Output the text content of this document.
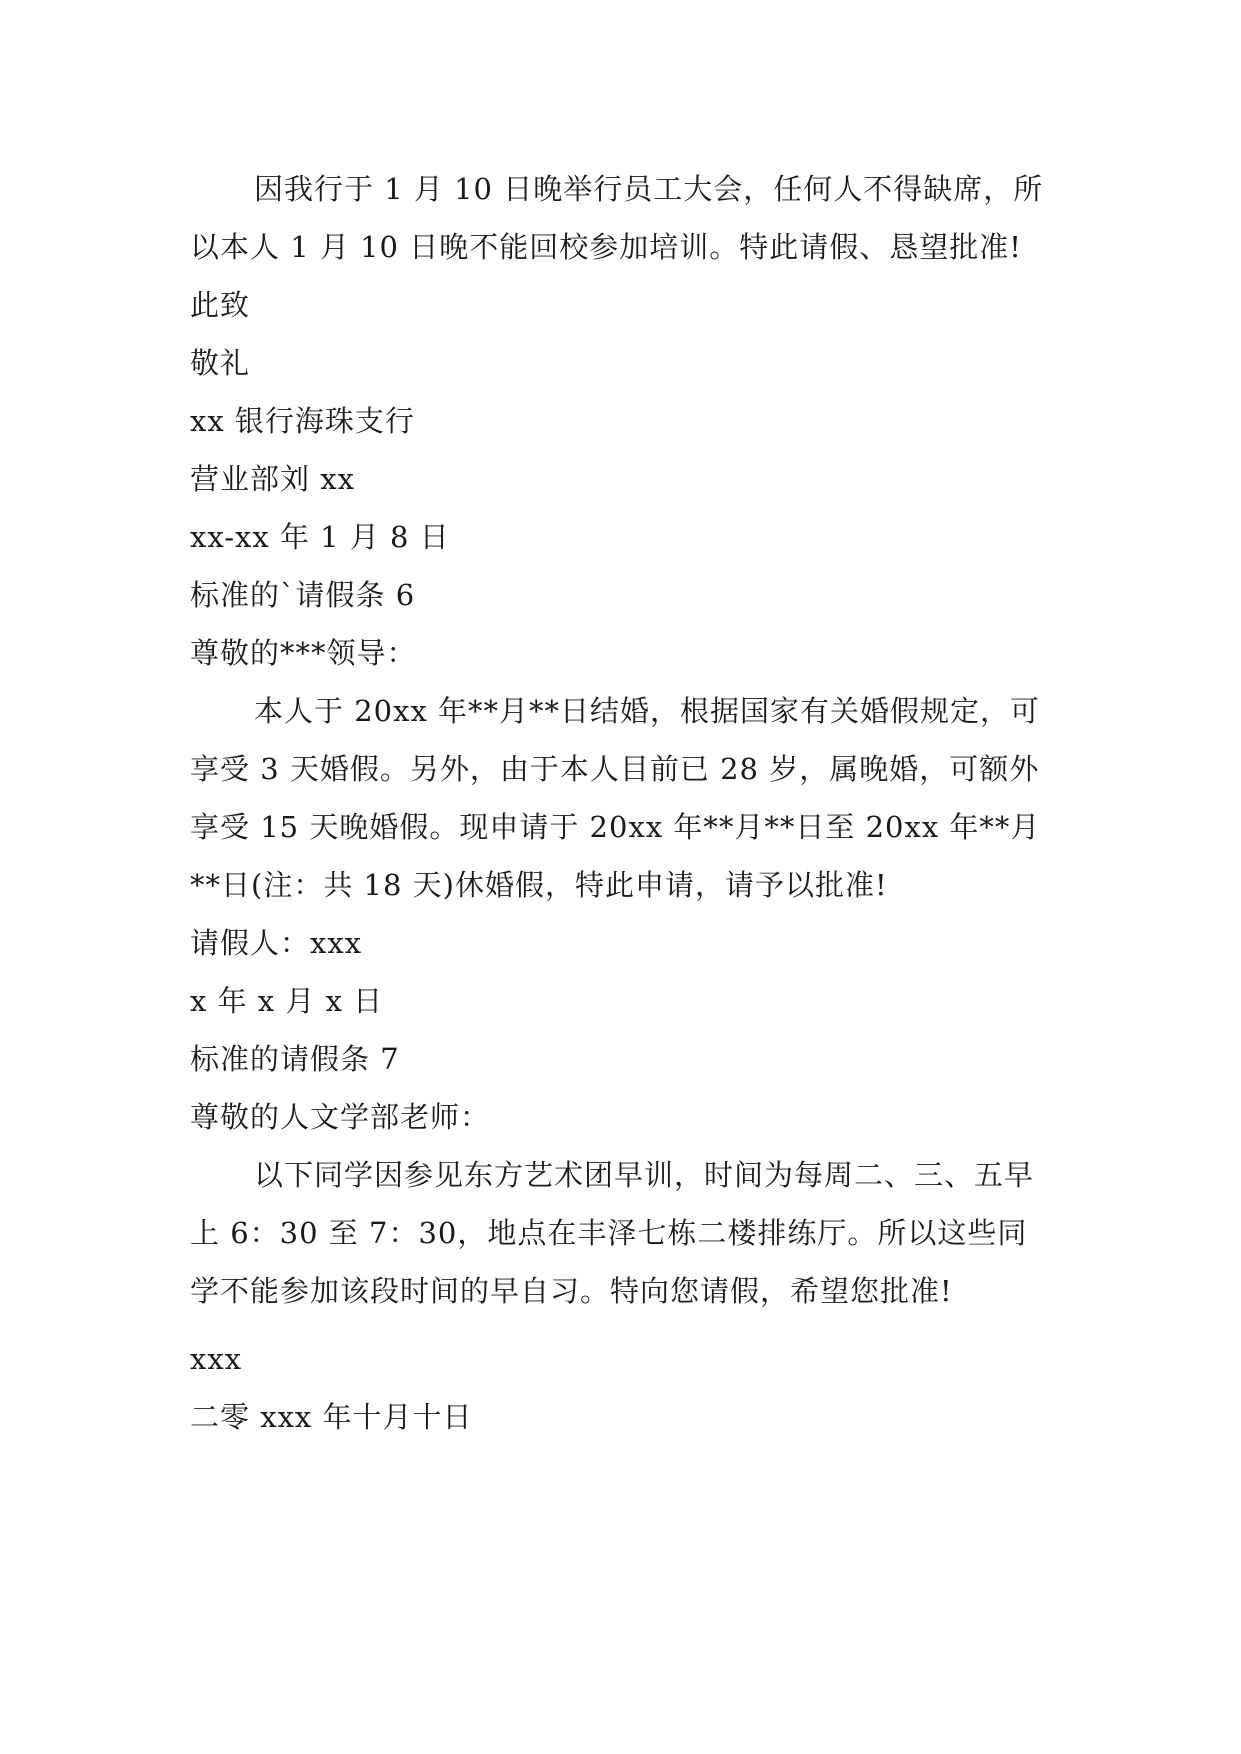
因我行于 1 月 10 日晚举行员工大会，任何人不得缺席，所以本人 1 月 10 日晚不能回校参加培训。特此请假、恳望批准!

此致

敬礼

xx 银行海珠支行

营业部刘 xx

xx-xx 年 1 月 8 日

标准的`请假条 6

尊敬的***领导：

本人于 20xx 年**月**日结婚，根据国家有关婚假规定，可享受 3 天婚假。另外，由于本人目前已 28 岁，属晚婚，可额外享受 15 天晚婚假。现申请于 20xx 年**月**日至 20xx 年**月**日(注：共 18 天)休婚假，特此申请，请予以批准!

请假人：xxx

x 年 x 月 x 日

标准的请假条 7

尊敬的人文学部老师：

以下同学因参见东方艺术团早训，时间为每周二、三、五早上 6：30 至 7：30，地点在丰泽七栋二楼排练厅。所以这些同学不能参加该段时间的早自习。特向您请假，希望您批准!

xxx

二零 xxx 年十月十日
